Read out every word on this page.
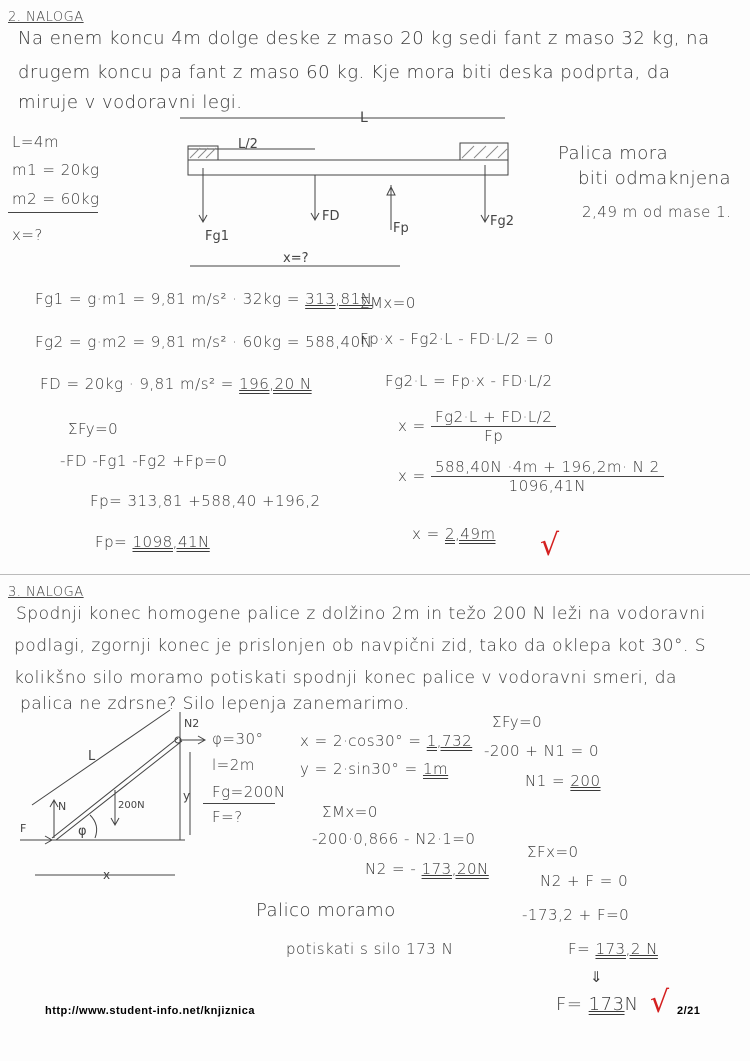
2. NALOGA
Na enem koncu 4m dolge deske z maso 20 kg sedi fant z maso 32 kg, na
drugem koncu pa fant z maso 60 kg. Kje mora biti deska podprta, da
miruje v vodoravni legi.
L=4m
m1 = 20kg
m2 = 60kg
x=?
L
L/2
Fg1
FD
Fp	Fg2
x=?
Palica mora
biti odmaknjena
2,49 m od mase 1.
Fg1 = g·m1 = 9,81 m/s² · 32kg = 313,81N
Fg2 = g·m2 = 9,81 m/s² · 60kg = 588,40N
FD = 20kg · 9,81 m/s² = 196,20 N
ΣFy=0
-FD -Fg1 -Fg2 +Fp=0
Fp= 313,81 +588,40 +196,2
Fp= 1098,41N
ΣMx=0
Fp·x - Fg2·L - FD·L/2 = 0
Fg2·L = Fp·x - FD·L/2
$x = \frac{Fg2\cdot L + FD\cdot L/2}{Fp}$
$x = \frac{588,40N \cdot 4m + 196,2m\cdot N 2}{1096,41N}$
x = 2,49m √
3. NALOGA
Spodnji konec homogene palice z dolžino 2m in težo 200 N leži na vodoravni
podlagi, zgornji konec je prislonjen ob navpični zid, tako da oklepa kot 30°. S
kolikšno silo moramo potiskati spodnji konec palice v vodoravni smeri, da
palica ne zdrsne? Silo lepenja zanemarimo.
L
N2
N
F
200N
φ
y
x
φ=30°
l=2m
Fg=200N
F=?
x = 2·cos30° = 1,732
y = 2·sin30° = 1m
ΣMx=0
-200·0,866 - N2·1=0
N2 = - 173,20N
ΣFy=0
-200 + N1 = 0
N1 = 200
ΣFx=0
N2 + F = 0
-173,2 + F=0
F= 173,2 N
⇓
F= 173N √
Palico moramo
potiskati s silo 173 N
http://www.student-info.net/knjiznica	2/21
